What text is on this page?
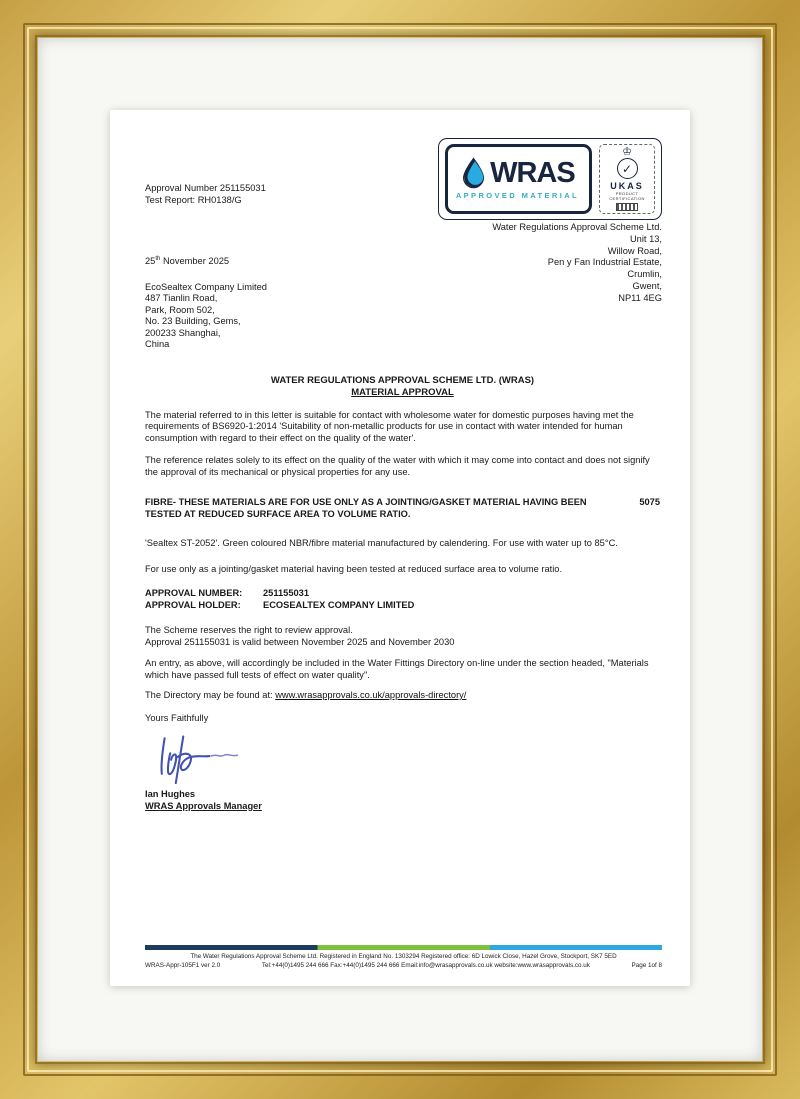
WRAS
APPROVED MATERIAL
♔
✓
UKAS
PRODUCT CERTIFICATION
Water Regulations Approval Scheme Ltd.
Unit 13,
Willow Road,
Pen y Fan Industrial Estate,
Crumlin,
Gwent,
NP11 4EG
Approval Number 251155031
Test Report: RH0138/G
25th November 2025
EcoSealtex Company Limited
487 Tianlin Road,
Park, Room 502,
No. 23 Building, Gems,
200233 Shanghai,
China
WATER REGULATIONS APPROVAL SCHEME LTD. (WRAS)
MATERIAL APPROVAL
The material referred to in this letter is suitable for contact with wholesome water for domestic purposes having met the requirements of BS6920-1:2014 'Suitability of non-metallic products for use in contact with water intended for human consumption with regard to their effect on the quality of the water'.
The reference relates solely to its effect on the quality of the water with which it may come into contact and does not signify the approval of its mechanical or physical properties for any use.
FIBRE- THESE MATERIALS ARE FOR USE ONLY AS A JOINTING/GASKET MATERIAL HAVING BEEN TESTED AT REDUCED SURFACE AREA TO VOLUME RATIO.
5075
'Sealtex ST-2052'. Green coloured NBR/fibre material manufactured by calendering. For use with water up to 85°C.
For use only as a jointing/gasket material having been tested at reduced surface area to volume ratio.
APPROVAL NUMBER:	251155031
APPROVAL HOLDER:	ECOSEALTEX COMPANY LIMITED
The Scheme reserves the right to review approval.
Approval 251155031 is valid between November 2025 and November 2030
An entry, as above, will accordingly be included in the Water Fittings Directory on-line under the section headed, "Materials which have passed full tests of effect on water quality".
The Directory may be found at: www.wrasapprovals.co.uk/approvals-directory/
Yours Faithfully
Ian Hughes
WRAS Approvals Manager
The Water Regulations Approval Scheme Ltd. Registered in England No. 1303294 Registered office: 6D Lowick Close, Hazel Grove, Stockport, SK7 5ED
WRAS-Appr-105F1 ver 2.0	Tel:+44(0)1495 244 666 Fax:+44(0)1495 244 666 Email:info@wrasapprovals.co.uk website:www.wrasapprovals.co.uk	Page 1of 8
